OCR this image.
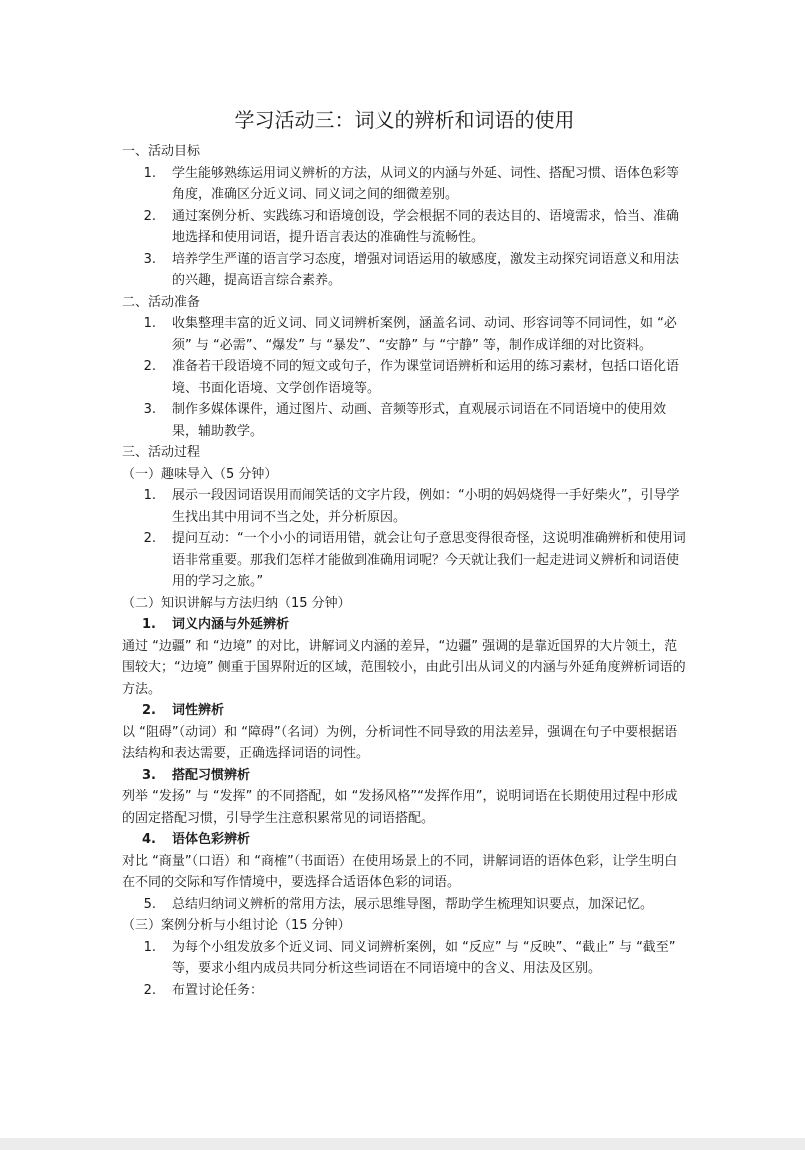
学习活动三：词义的辨析和词语的使用
一、活动目标
1.	学生能够熟练运用词义辨析的方法，从词义的内涵与外延、词性、搭配习惯、语体色彩等角度，准确区分近义词、同义词之间的细微差别。
2.	通过案例分析、实践练习和语境创设，学会根据不同的表达目的、语境需求，恰当、准确地选择和使用词语，提升语言表达的准确性与流畅性。
3.	培养学生严谨的语言学习态度，增强对词语运用的敏感度，激发主动探究词语意义和用法的兴趣，提高语言综合素养。
二、活动准备
1.	收集整理丰富的近义词、同义词辨析案例，涵盖名词、动词、形容词等不同词性，如 “必须” 与 “必需”、“爆发” 与 “暴发”、“安静” 与 “宁静” 等，制作成详细的对比资料。
2.	准备若干段语境不同的短文或句子，作为课堂词语辨析和运用的练习素材，包括口语化语境、书面化语境、文学创作语境等。
3.	制作多媒体课件，通过图片、动画、音频等形式，直观展示词语在不同语境中的使用效果，辅助教学。
三、活动过程
（一）趣味导入（5 分钟）
1.	展示一段因词语误用而闹笑话的文字片段，例如：“小明的妈妈烧得一手好柴火”，引导学生找出其中用词不当之处，并分析原因。
2.	提问互动：“一个小小的词语用错，就会让句子意思变得很奇怪，这说明准确辨析和使用词语非常重要。那我们怎样才能做到准确用词呢？今天就让我们一起走进词义辨析和词语使用的学习之旅。”
（二）知识讲解与方法归纳（15 分钟）
1.	词义内涵与外延辨析
通过 “边疆” 和 “边境” 的对比，讲解词义内涵的差异，“边疆” 强调的是靠近国界的大片领土，范围较大；“边境” 侧重于国界附近的区域，范围较小，由此引出从词义的内涵与外延角度辨析词语的方法。
2.	词性辨析
以 “阻碍”（动词）和 “障碍”（名词）为例，分析词性不同导致的用法差异，强调在句子中要根据语法结构和表达需要，正确选择词语的词性。
3.	搭配习惯辨析
列举 “发扬” 与 “发挥” 的不同搭配，如 “发扬风格”“发挥作用”，说明词语在长期使用过程中形成的固定搭配习惯，引导学生注意积累常见的词语搭配。
4.	语体色彩辨析
对比 “商量”（口语）和 “商榷”（书面语）在使用场景上的不同，讲解词语的语体色彩，让学生明白在不同的交际和写作情境中，要选择合适语体色彩的词语。
5.	总结归纳词义辨析的常用方法，展示思维导图，帮助学生梳理知识要点，加深记忆。
（三）案例分析与小组讨论（15 分钟）
1.	为每个小组发放多个近义词、同义词辨析案例，如 “反应” 与 “反映”、“截止” 与 “截至” 等，要求小组内成员共同分析这些词语在不同语境中的含义、用法及区别。
2.	布置讨论任务：
